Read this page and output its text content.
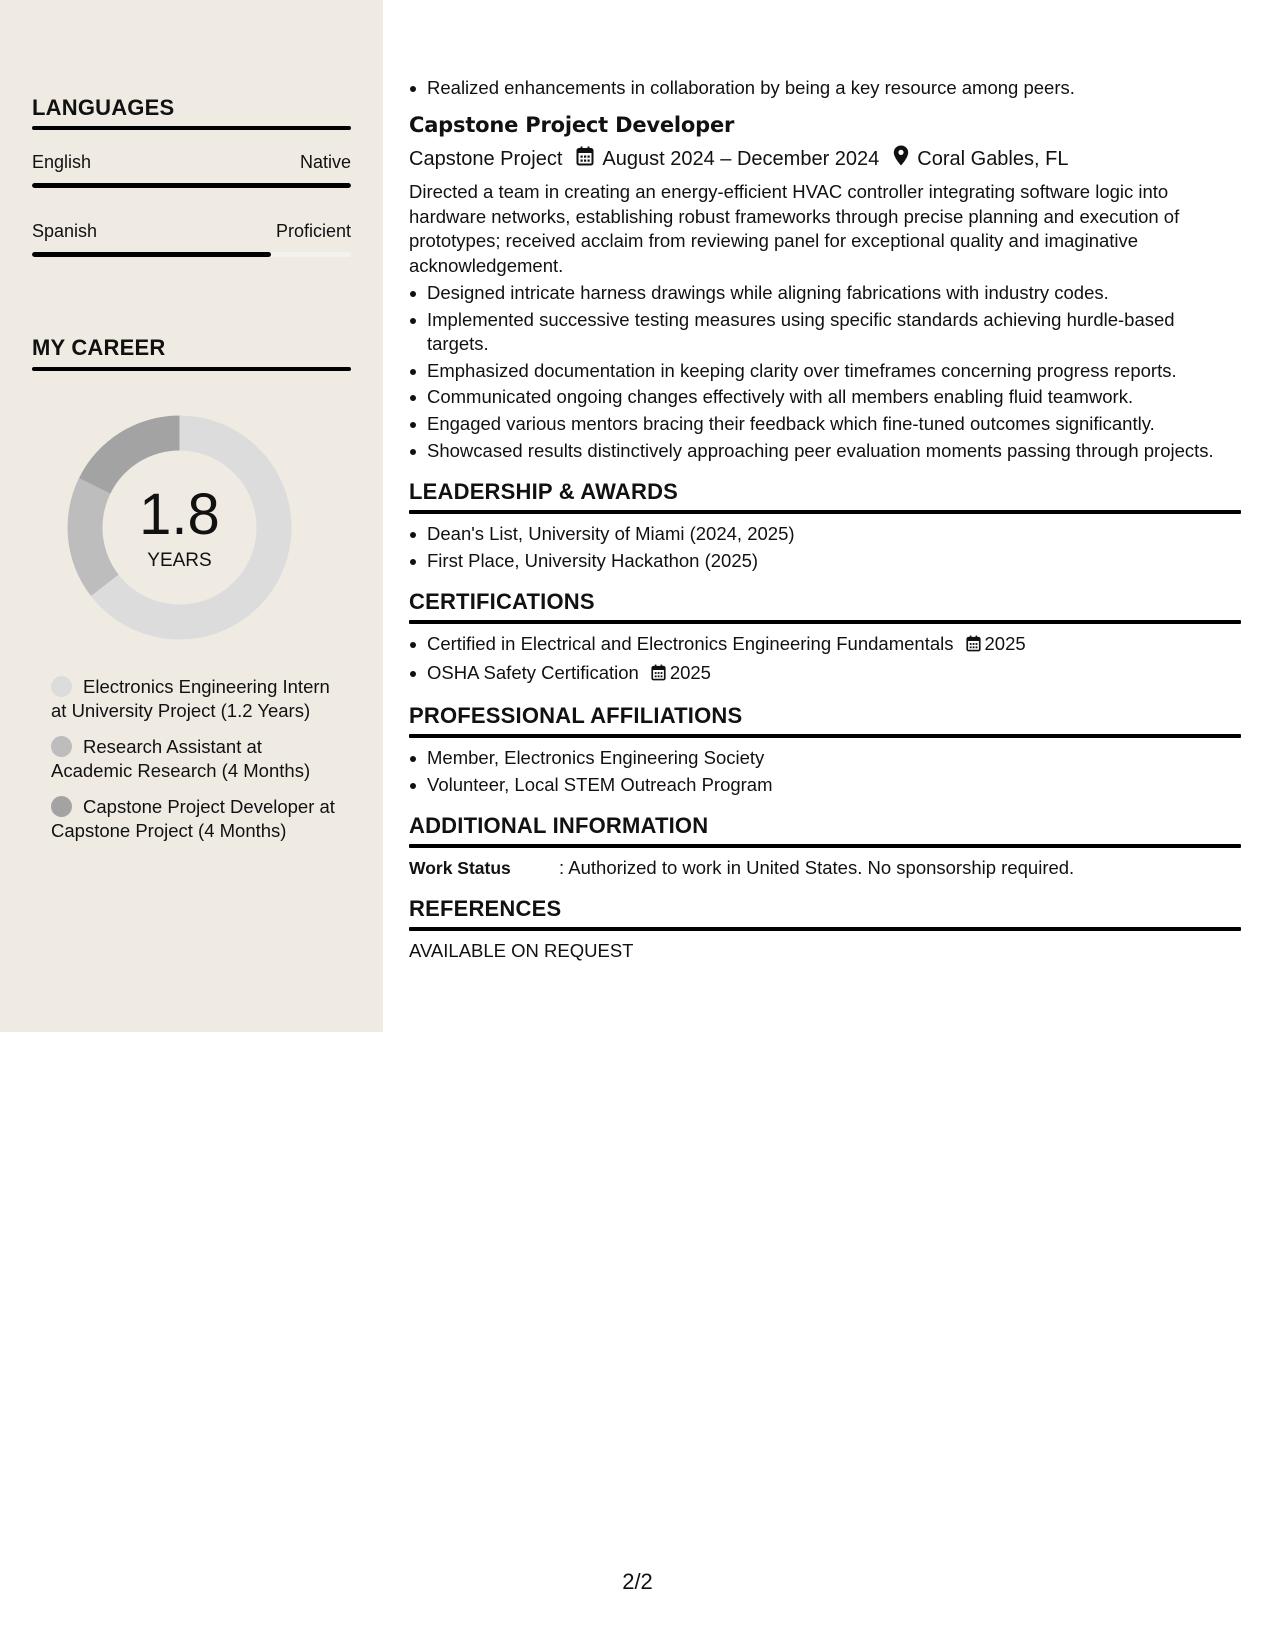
LANGUAGES
English	Native
Spanish	Proficient
MY CAREER
1.8
YEARS
Electronics Engineering Intern at University Project (1.2 Years)
Research Assistant at Academic Research (4 Months)
Capstone Project Developer at Capstone Project (4 Months)
Realized enhancements in collaboration by being a key resource among peers.
Capstone Project Developer
Capstone Project August 2024 – December 2024 Coral Gables, FL
Directed a team in creating an energy-efficient HVAC controller integrating software logic into hardware networks, establishing robust frameworks through precise planning and execution of prototypes; received acclaim from reviewing panel for exceptional quality and imaginative acknowledgement.
Designed intricate harness drawings while aligning fabrications with industry codes.
Implemented successive testing measures using specific standards achieving hurdle-based targets.
Emphasized documentation in keeping clarity over timeframes concerning progress reports.
Communicated ongoing changes effectively with all members enabling fluid teamwork.
Engaged various mentors bracing their feedback which fine-tuned outcomes significantly.
Showcased results distinctively approaching peer evaluation moments passing through projects.
LEADERSHIP & AWARDS
Dean's List, University of Miami (2024, 2025)
First Place, University Hackathon (2025)
CERTIFICATIONS
Certified in Electrical and Electronics Engineering Fundamentals 2025
OSHA Safety Certification 2025
PROFESSIONAL AFFILIATIONS
Member, Electronics Engineering Society
Volunteer, Local STEM Outreach Program
ADDITIONAL INFORMATION
Work Status	: Authorized to work in United States. No sponsorship required.
REFERENCES
AVAILABLE ON REQUEST
2/2
